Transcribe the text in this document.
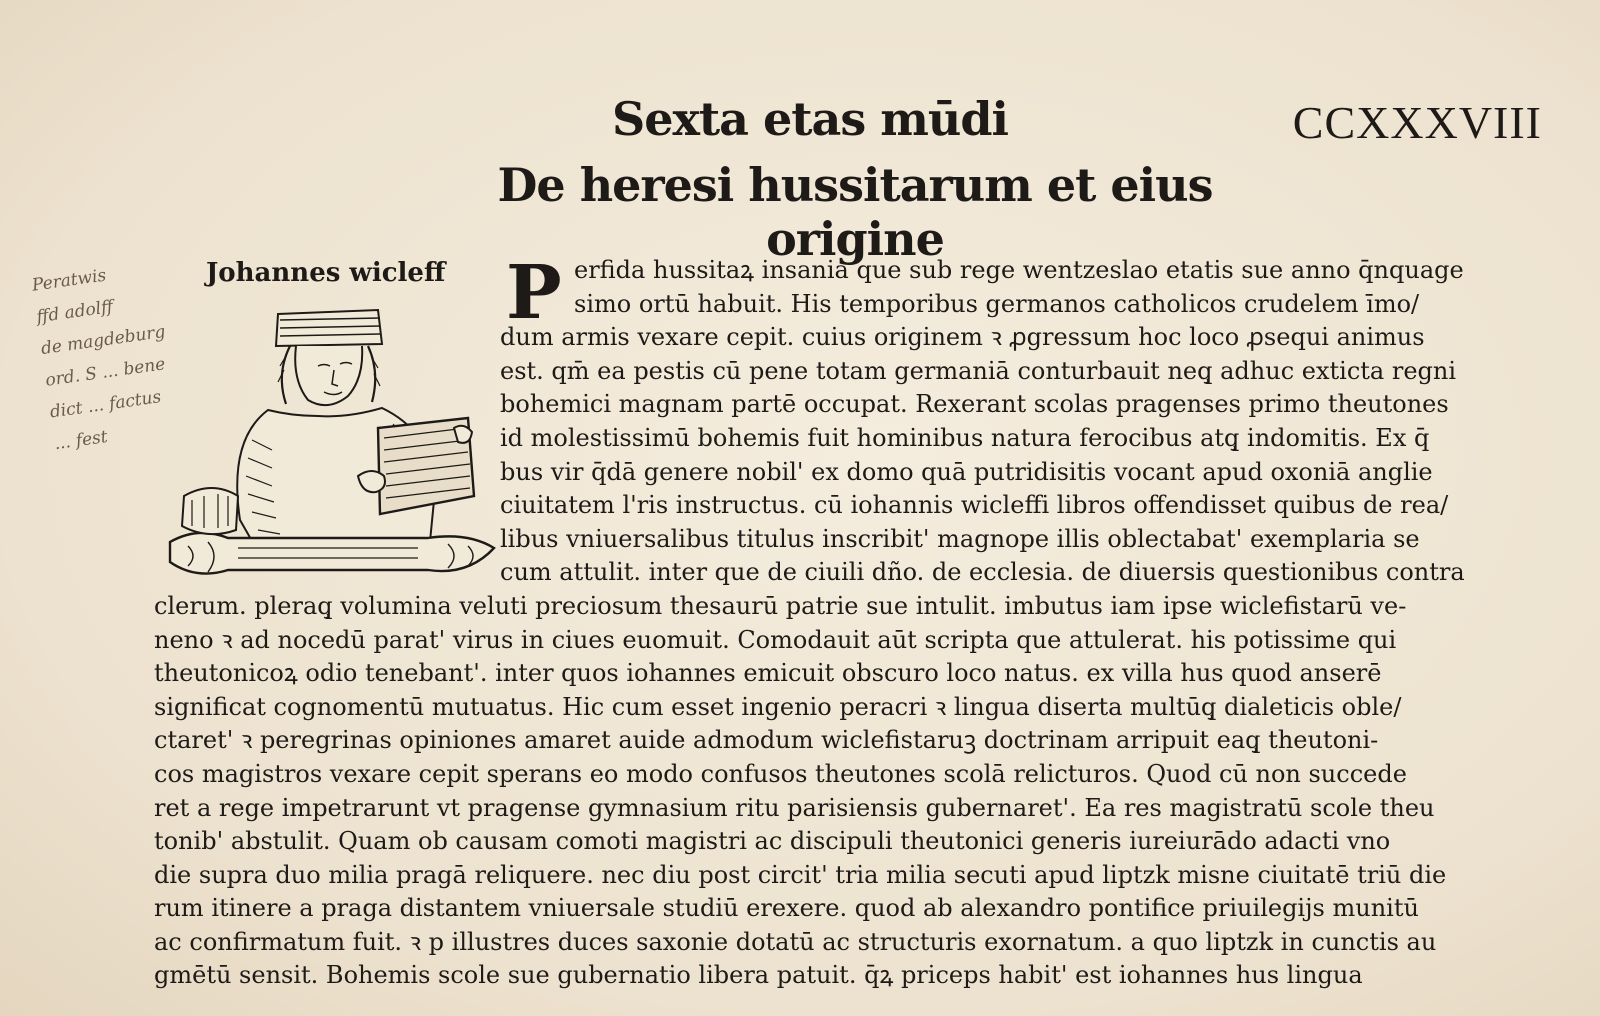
Sexta etas mūdi	CCXXXVIII
De heresi hussitarum et eius origine
Johannes wicleff
Peratwis
ffd adolff
de magdeburg
ord. S ... bene
dict ... factus
... fest
P erfida hussitaꝝ insania que sub rege wentzeslao etatis sue anno q̄nquage
simo ortū habuit. His temporibus germanos catholicos crudelem īmo/
dum armis vexare cepit. cuius originem ꝛ ꝓgressum hoc loco ꝓsequi animus
est. qm̄ ea pestis cū pene totam germaniā conturbauit neq̧ adhuc exticta regni
bohemici magnam partē occupat. Rexerant scolas pragenses primo theutones
id molestissimū bohemis fuit hominibus natura ferocibus atq̧ indomitis. Ex q̄
bus vir q̄dā genere nobil' ex domo quā putridisitis vocant apud oxoniā anglie
ciuitatem l'ris instructus. cū iohannis wicleffi libros offendisset quibus de rea/
libus vniuersalibus titulus inscribit' magnope illis oblectabat' exemplaria se
cum attulit. inter que de ciuili dño. de ecclesia. de diuersis questionibus contra
clerum. pleraq̧ volumina veluti preciosum thesaurū patrie sue intulit. imbutus iam ipse wiclefistarū ve-
neno ꝛ ad nocedū parat' virus in ciues euomuit. Comodauit aūt scripta que attulerat. his potissime qui
theutonicoꝝ odio tenebant'. inter quos iohannes emicuit obscuro loco natus. ex villa hus quod anserē
significat cognomentū mutuatus. Hic cum esset ingenio peracri ꝛ lingua diserta multūq̧ dialeticis oble/
ctaret' ꝛ peregrinas opiniones amaret auide admodum wiclefistaruꝫ doctrinam arripuit eaq̧ theutoni-
cos magistros vexare cepit sperans eo modo confusos theutones scolā relicturos. Quod cū non succede
ret a rege impetrarunt vt pragense gymnasium ritu parisiensis gubernaret'. Ea res magistratū scole theu
tonib' abstulit. Quam ob causam comoti magistri ac discipuli theutonici generis iureiurādo adacti vno
die supra duo milia pragā reliquere. nec diu post circit' tria milia secuti apud liptzk misne ciuitatē triū die
rum itinere a praga distantem vniuersale studiū erexere. quod ab alexandro pontifice priuilegijs munitū
ac confirmatum fuit. ꝛ p illustres duces saxonie dotatū ac structuris exornatum. a quo liptzk in cunctis au
gmētū sensit. Bohemis scole sue gubernatio libera patuit. q̄ꝝ priceps habit' est iohannes hus lingua
